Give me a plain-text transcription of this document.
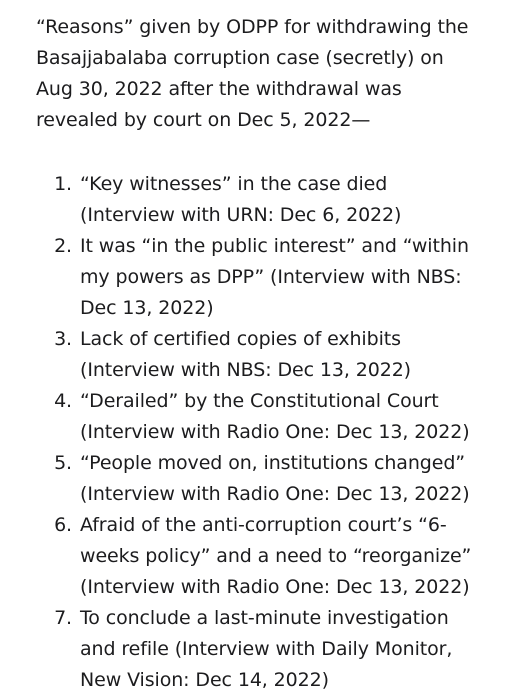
“Reasons” given by ODPP for withdrawing the
Basajjabalaba corruption case (secretly) on
Aug 30, 2022 after the withdrawal was
revealed by court on Dec 5, 2022—

1. “Key witnesses” in the case died
(Interview with URN: Dec 6, 2022)
2. It was “in the public interest” and “within
my powers as DPP” (Interview with NBS:
Dec 13, 2022)
3. Lack of certified copies of exhibits
(Interview with NBS: Dec 13, 2022)
4. “Derailed” by the Constitutional Court
(Interview with Radio One: Dec 13, 2022)
5. “People moved on, institutions changed”
(Interview with Radio One: Dec 13, 2022)
6. Afraid of the anti-corruption court’s “6-
weeks policy” and a need to “reorganize”
(Interview with Radio One: Dec 13, 2022)
7. To conclude a last-minute investigation
and refile (Interview with Daily Monitor,
New Vision: Dec 14, 2022)
